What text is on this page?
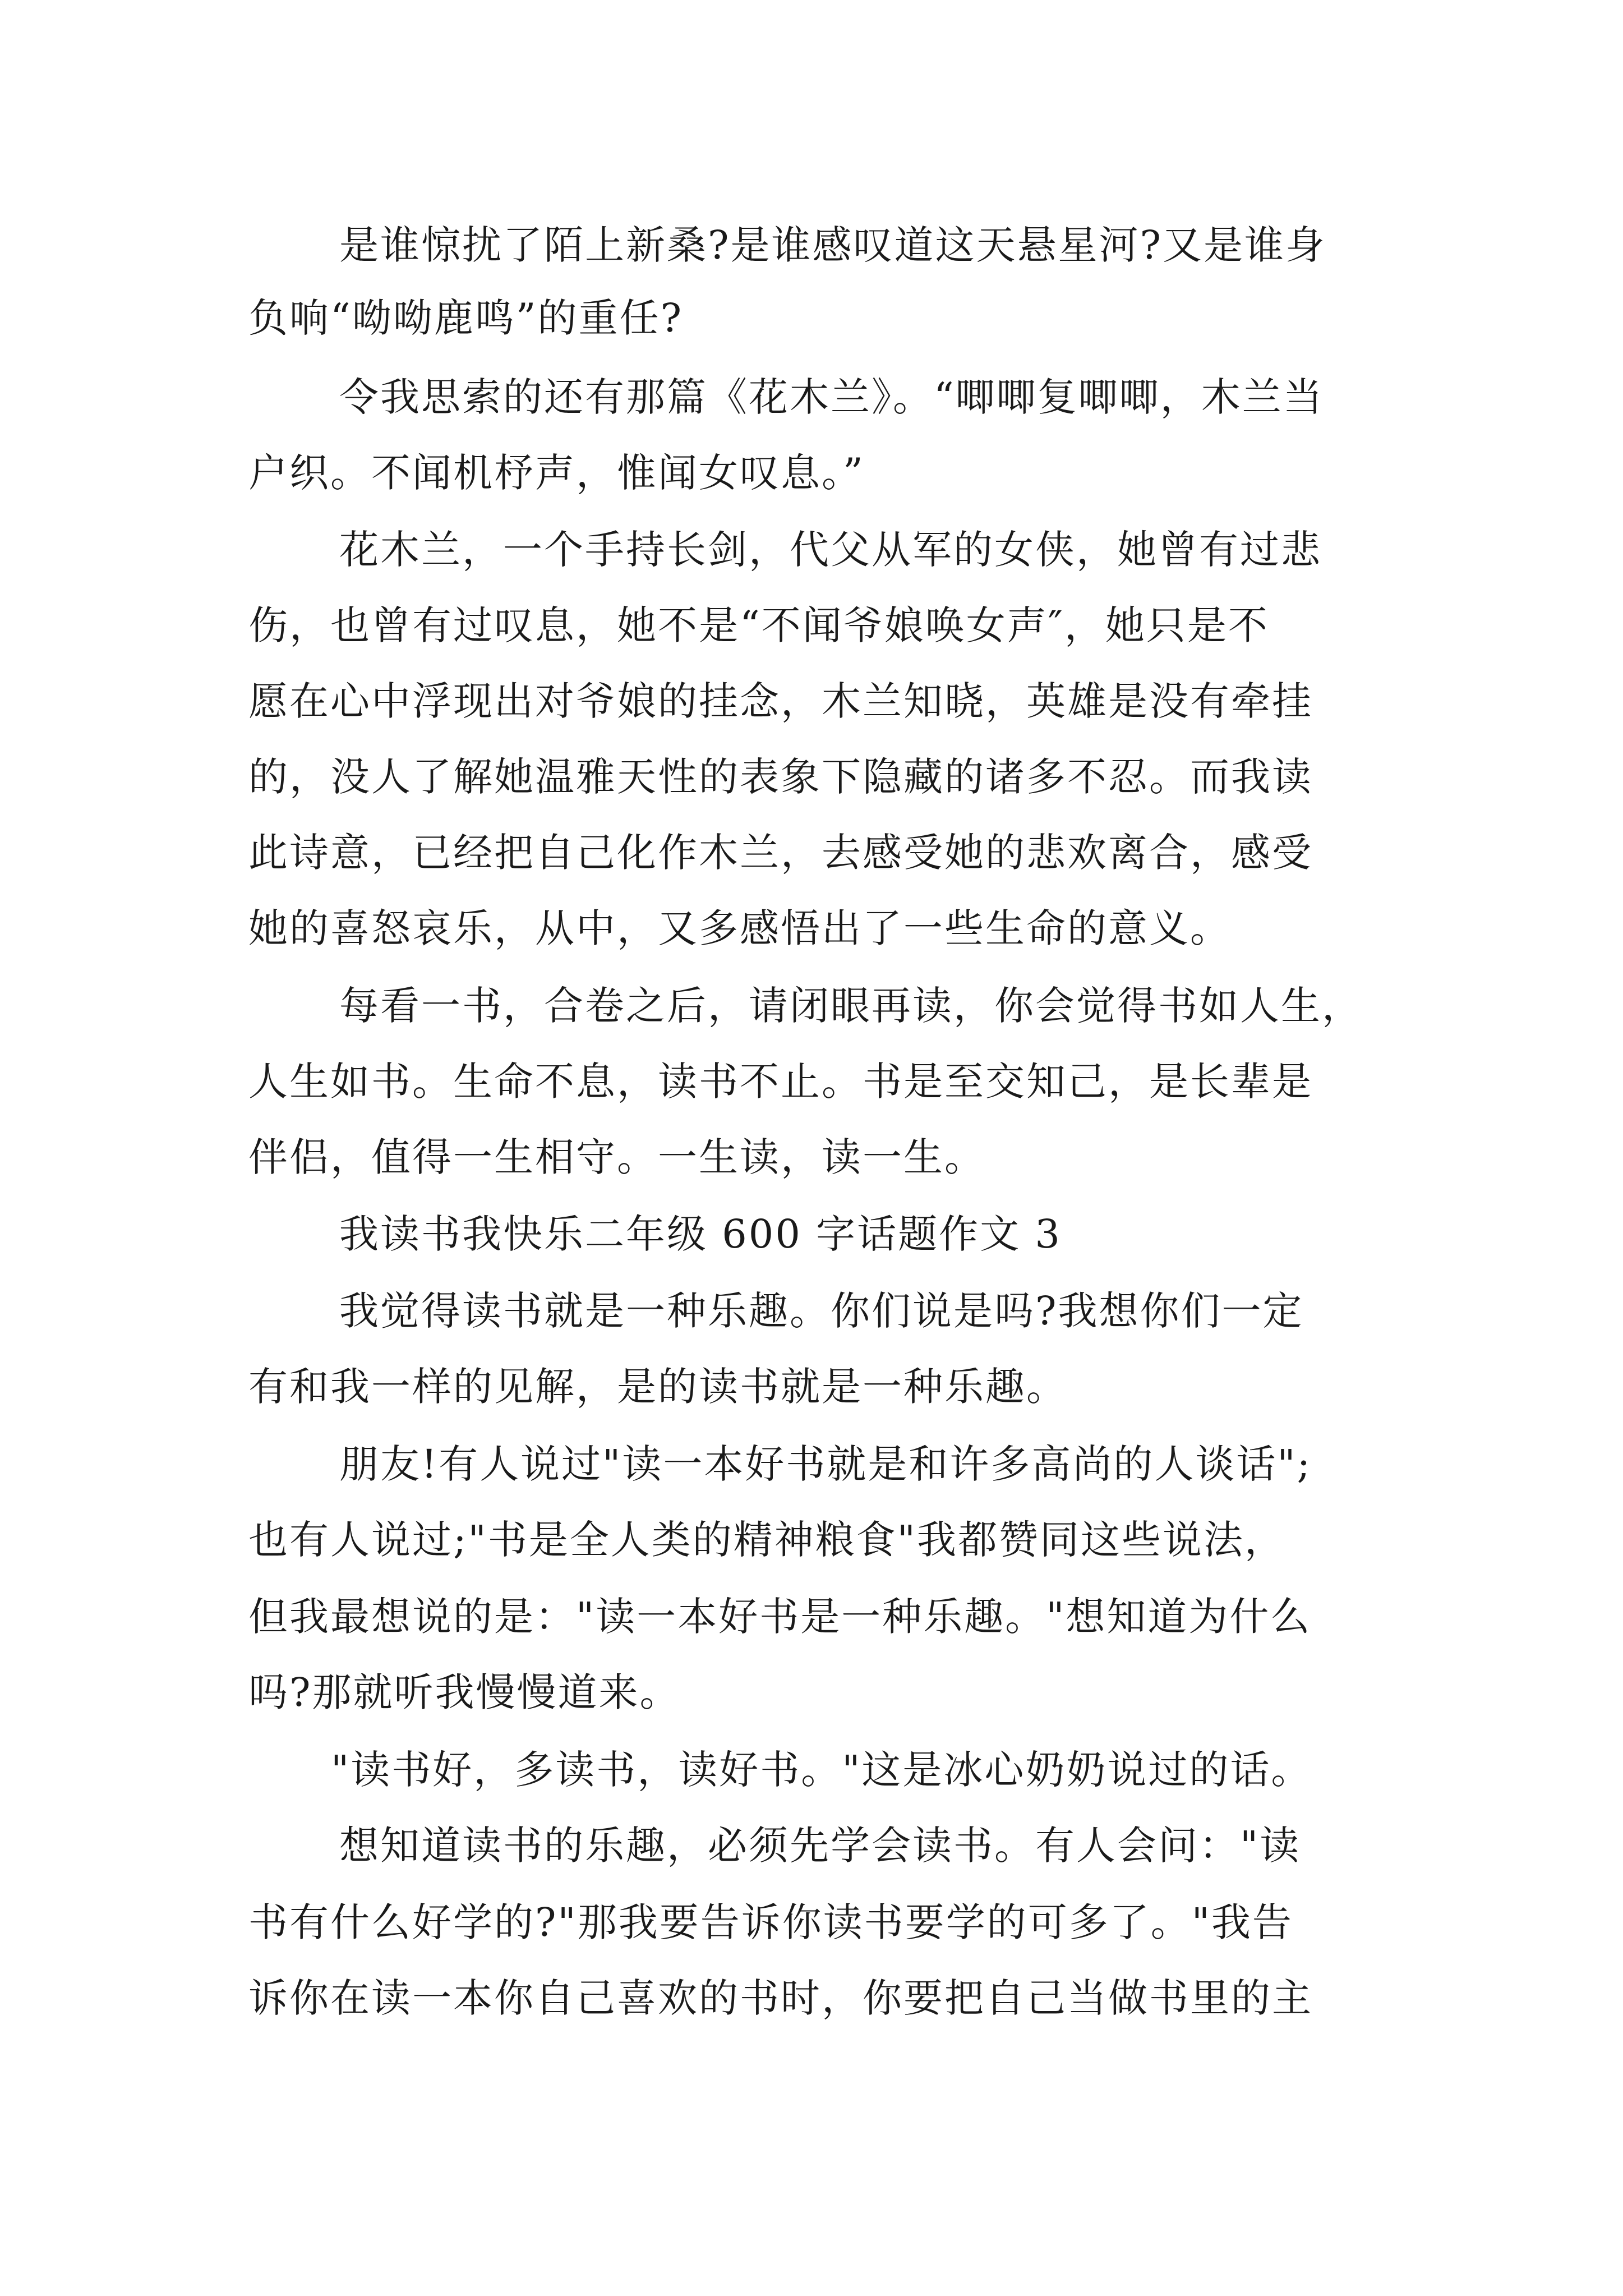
是谁惊扰了陌上新桑?是谁感叹道这天悬星河?又是谁身
负响“呦呦鹿鸣”的重任?
令我思索的还有那篇《花木兰》。“唧唧复唧唧，木兰当
户织。不闻机杼声，惟闻女叹息。”
花木兰，一个手持长剑，代父从军的女侠，她曾有过悲
伤，也曾有过叹息，她不是“不闻爷娘唤女声″，她只是不
愿在心中浮现出对爷娘的挂念，木兰知晓，英雄是没有牵挂
的，没人了解她温雅天性的表象下隐藏的诸多不忍。而我读
此诗意，已经把自己化作木兰，去感受她的悲欢离合，感受
她的喜怒哀乐，从中，又多感悟出了一些生命的意义。
每看一书，合卷之后，请闭眼再读，你会觉得书如人生，
人生如书。生命不息，读书不止。书是至交知己，是长辈是
伴侣，值得一生相守。一生读，读一生。
我读书我快乐二年级 600 字话题作文 3
我觉得读书就是一种乐趣。你们说是吗?我想你们一定
有和我一样的见解，是的读书就是一种乐趣。
朋友!有人说过"读一本好书就是和许多高尚的人谈话";
也有人说过;"书是全人类的精神粮食"我都赞同这些说法，
但我最想说的是："读一本好书是一种乐趣。"想知道为什么
吗?那就听我慢慢道来。
"读书好，多读书，读好书。"这是冰心奶奶说过的话。
想知道读书的乐趣，必须先学会读书。有人会问："读
书有什么好学的?"那我要告诉你读书要学的可多了。"我告
诉你在读一本你自己喜欢的书时，你要把自己当做书里的主
